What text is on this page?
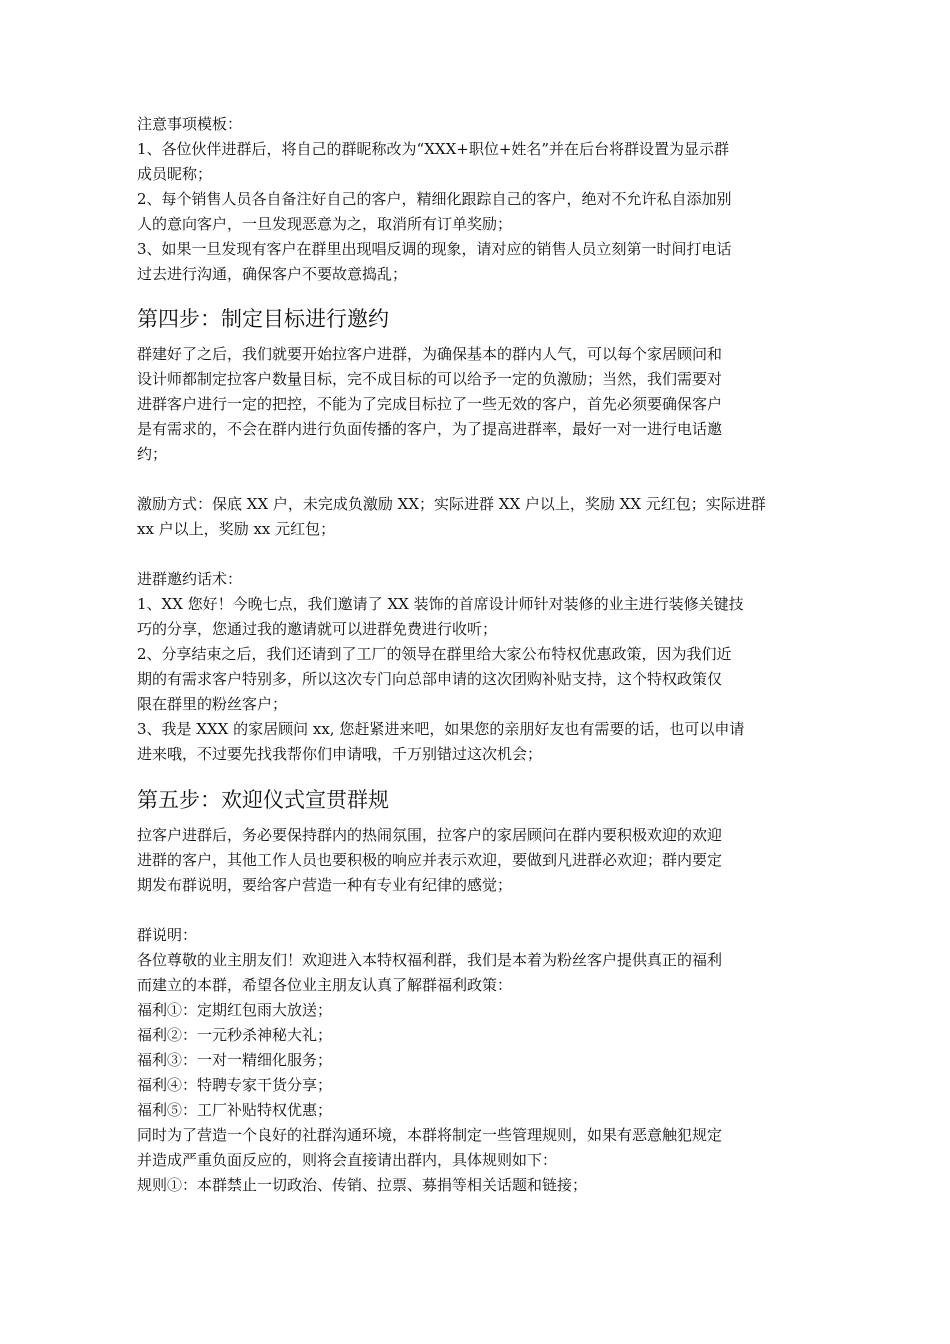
注意事项模板：
1、各位伙伴进群后，将自己的群昵称改为“XXX+职位+姓名”并在后台将群设置为显示群
成员昵称；
2、每个销售人员各自备注好自己的客户，精细化跟踪自己的客户，绝对不允许私自添加别
人的意向客户，一旦发现恶意为之，取消所有订单奖励；
3、如果一旦发现有客户在群里出现唱反调的现象，请对应的销售人员立刻第一时间打电话
过去进行沟通，确保客户不要故意捣乱；
第四步：制定目标进行邀约
群建好了之后，我们就要开始拉客户进群，为确保基本的群内人气，可以每个家居顾问和
设计师都制定拉客户数量目标，完不成目标的可以给予一定的负激励；当然，我们需要对
进群客户进行一定的把控，不能为了完成目标拉了一些无效的客户，首先必须要确保客户
是有需求的，不会在群内进行负面传播的客户，为了提高进群率，最好一对一进行电话邀
约；
激励方式：保底 XX 户，未完成负激励 XX；实际进群 XX 户以上，奖励 XX 元红包；实际进群
xx 户以上，奖励 xx 元红包；
进群邀约话术：
1、XX 您好！今晚七点，我们邀请了 XX 装饰的首席设计师针对装修的业主进行装修关键技
巧的分享，您通过我的邀请就可以进群免费进行收听；
2、分享结束之后，我们还请到了工厂的领导在群里给大家公布特权优惠政策，因为我们近
期的有需求客户特别多，所以这次专门向总部申请的这次团购补贴支持，这个特权政策仅
限在群里的粉丝客户；
3、我是 XXX 的家居顾问 xx, 您赶紧进来吧，如果您的亲朋好友也有需要的话，也可以申请
进来哦，不过要先找我帮你们申请哦，千万别错过这次机会；
第五步：欢迎仪式宣贯群规
拉客户进群后，务必要保持群内的热闹氛围，拉客户的家居顾问在群内要积极欢迎的欢迎
进群的客户，其他工作人员也要积极的响应并表示欢迎，要做到凡进群必欢迎；群内要定
期发布群说明，要给客户营造一种有专业有纪律的感觉；
群说明：
各位尊敬的业主朋友们！欢迎进入本特权福利群，我们是本着为粉丝客户提供真正的福利
而建立的本群，希望各位业主朋友认真了解群福利政策：
福利①：定期红包雨大放送；
福利②：一元秒杀神秘大礼；
福利③：一对一精细化服务；
福利④：特聘专家干货分享；
福利⑤：工厂补贴特权优惠；
同时为了营造一个良好的社群沟通环境，本群将制定一些管理规则，如果有恶意触犯规定
并造成严重负面反应的，则将会直接请出群内，具体规则如下：
规则①：本群禁止一切政治、传销、拉票、募捐等相关话题和链接；
